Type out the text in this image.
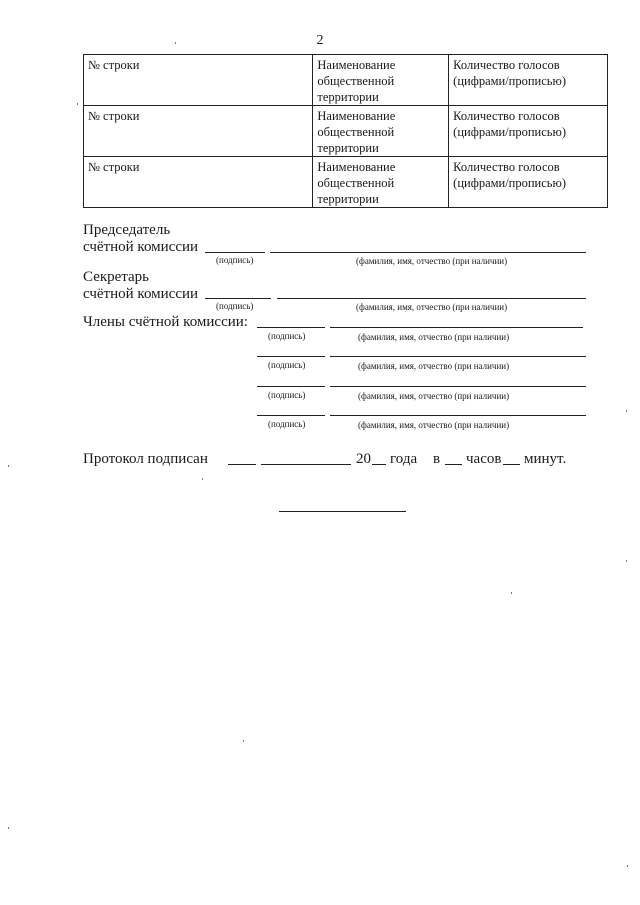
2
№ строки	Наименование общественной территории	Количество голосов (цифрами/прописью)
№ строки	Наименование общественной территории	Количество голосов (цифрами/прописью)
№ строки	Наименование общественной территории	Количество голосов (цифрами/прописью)
Председатель
счётной комиссии
(подпись)	(фамилия, имя, отчество (при наличии)
Секретарь
счётной комиссии
(подпись)	(фамилия, имя, отчество (при наличии)
Члены счётной комиссии:
(подпись)	(фамилия, имя, отчество (при наличии)
(подпись)	(фамилия, имя, отчество (при наличии)
(подпись)	(фамилия, имя, отчество (при наличии)
(подпись)	(фамилия, имя, отчество (при наличии)
Протокол подписан	20 года в часов минут.
